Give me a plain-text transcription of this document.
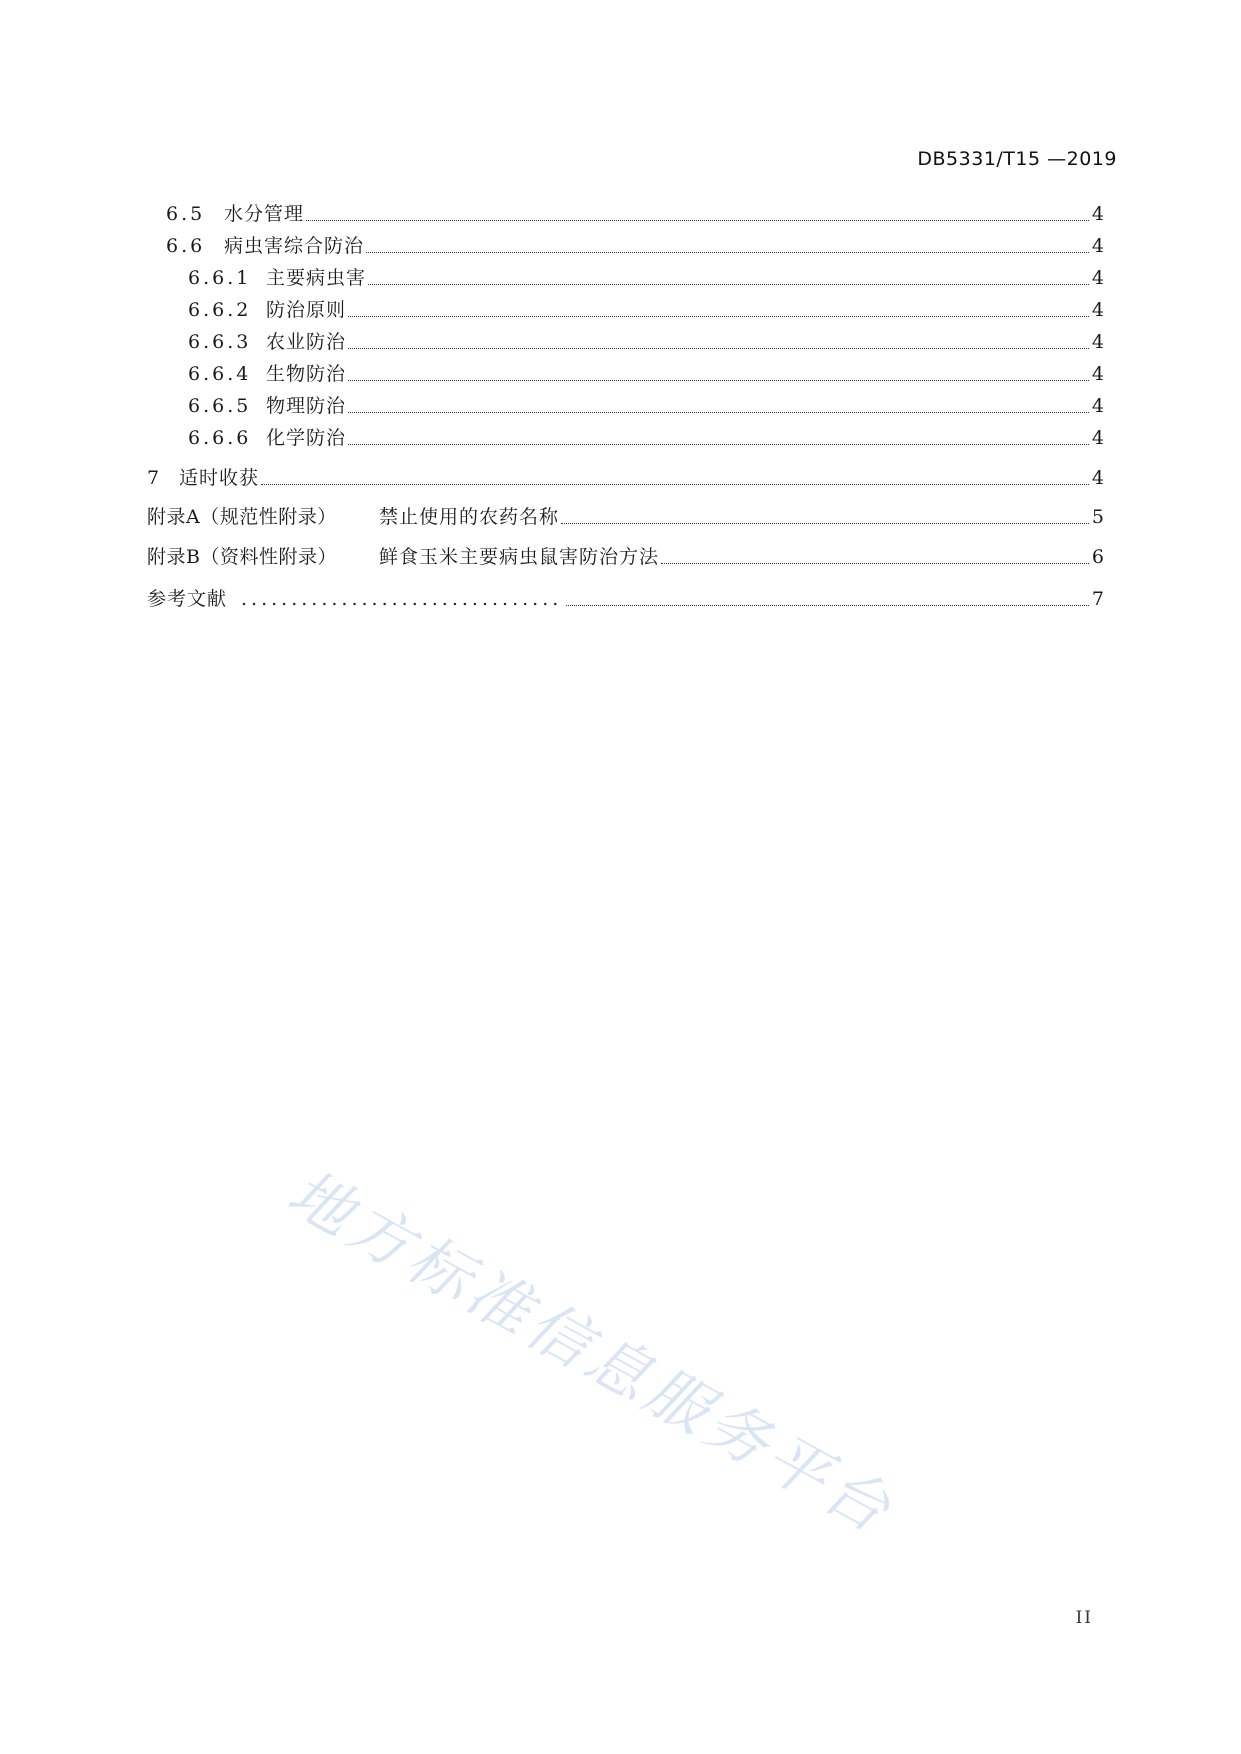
DB5331/T15 —2019
6.5 水分管理	4
6.6 病虫害综合防治	4
6.6.1 主要病虫害	4
6.6.2 防治原则	4
6.6.3 农业防治	4
6.6.4 生物防治	4
6.6.5 物理防治	4
6.6.6 化学防治	4
7 适时收获	4
附录A（规范性附录）	禁止使用的农药名称	5
附录B（资料性附录）	鲜食玉米主要病虫鼠害防治方法	6
参考文献 ................................	7
地方标准信息服务平台
II
